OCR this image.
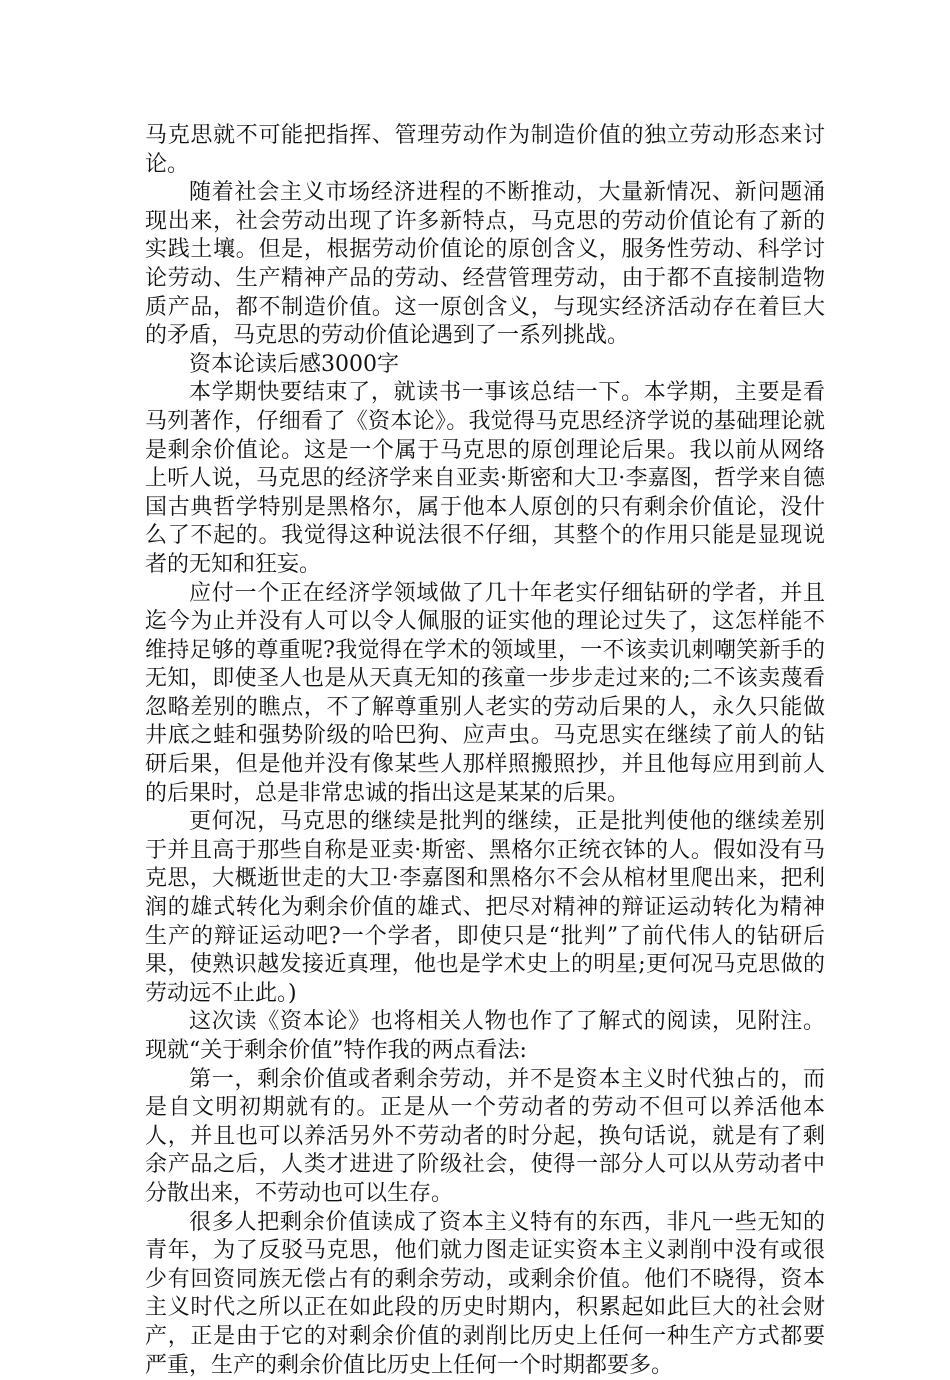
马克思就不可能把指挥、管理劳动作为制造价值的独立劳动形态来讨论。

随着社会主义市场经济进程的不断推动，大量新情况、新问题涌现出来，社会劳动出现了许多新特点，马克思的劳动价值论有了新的实践土壤。但是，根据劳动价值论的原创含义，服务性劳动、科学讨论劳动、生产精神产品的劳动、经营管理劳动，由于都不直接制造物质产品，都不制造价值。这一原创含义，与现实经济活动存在着巨大的矛盾，马克思的劳动价值论遇到了一系列挑战。

资本论读后感3000字

本学期快要结束了，就读书一事该总结一下。本学期，主要是看马列著作，仔细看了《资本论》。我觉得马克思经济学说的基础理论就是剩余价值论。这是一个属于马克思的原创理论后果。我以前从网络上听人说，马克思的经济学来自亚卖·斯密和大卫·李嘉图，哲学来自德国古典哲学特别是黑格尔，属于他本人原创的只有剩余价值论，没什么了不起的。我觉得这种说法很不仔细，其整个的作用只能是显现说者的无知和狂妄。

应付一个正在经济学领域做了几十年老实仔细钻研的学者，并且迄今为止并没有人可以令人佩服的证实他的理论过失了，这怎样能不维持足够的尊重呢?我觉得在学术的领域里，一不该卖讥刺嘲笑新手的无知，即使圣人也是从天真无知的孩童一步步走过来的;二不该卖蔑看忽略差别的瞧点，不了解尊重别人老实的劳动后果的人，永久只能做井底之蛙和强势阶级的哈巴狗、应声虫。马克思实在继续了前人的钻研后果，但是他并没有像某些人那样照搬照抄，并且他每应用到前人的后果时，总是非常忠诚的指出这是某某的后果。

更何况，马克思的继续是批判的继续，正是批判使他的继续差别于并且高于那些自称是亚卖·斯密、黑格尔正统衣钵的人。假如没有马克思，大概逝世走的大卫·李嘉图和黑格尔不会从棺材里爬出来，把利润的雄式转化为剩余价值的雄式、把尽对精神的辩证运动转化为精神生产的辩证运动吧?一个学者，即使只是“批判”了前代伟人的钻研后果，使熟识越发接近真理，他也是学术史上的明星;更何况马克思做的劳动远不止此。)

这次读《资本论》也将相关人物也作了了解式的阅读，见附注。现就“关于剩余价值”特作我的两点看法:

第一，剩余价值或者剩余劳动，并不是资本主义时代独占的，而是自文明初期就有的。正是从一个劳动者的劳动不但可以养活他本人，并且也可以养活另外不劳动者的时分起，换句话说，就是有了剩余产品之后，人类才进进了阶级社会，使得一部分人可以从劳动者中分散出来，不劳动也可以生存。

很多人把剩余价值读成了资本主义特有的东西，非凡一些无知的青年，为了反驳马克思，他们就力图走证实资本主义剥削中没有或很少有回资同族无偿占有的剩余劳动，或剩余价值。他们不晓得，资本主义时代之所以正在如此段的历史时期内，积累起如此巨大的社会财产，正是由于它的对剩余价值的剥削比历史上任何一种生产方式都要严重，生产的剩余价值比历史上任何一个时期都要多。
